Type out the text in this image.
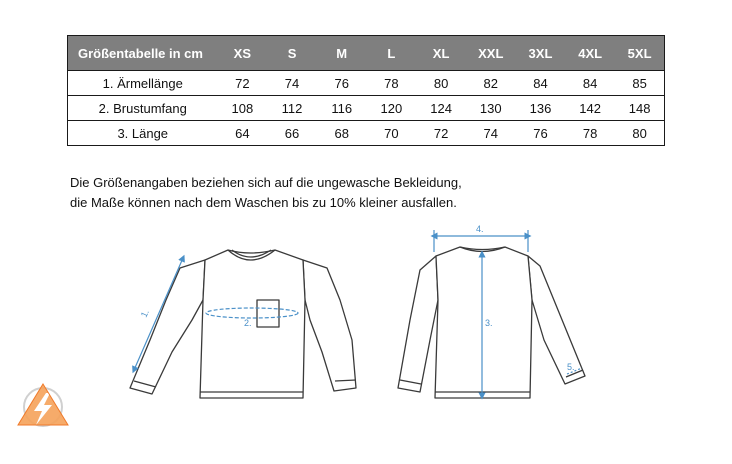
Größentabelle in cm	XS	S	M	L	XL	XXL	3XL	4XL	5XL
1. Ärmellänge	72	74	76	78	80	82	84	84	85
2. Brustumfang	108	112	116	120	124	130	136	142	148
3. Länge	64	66	68	70	72	74	76	78	80

Die Größenangaben beziehen sich auf die ungewasche Bekleidung,

die Maße können nach dem Waschen bis zu 10% kleiner ausfallen.

1.
2.
4.
3.
5.
